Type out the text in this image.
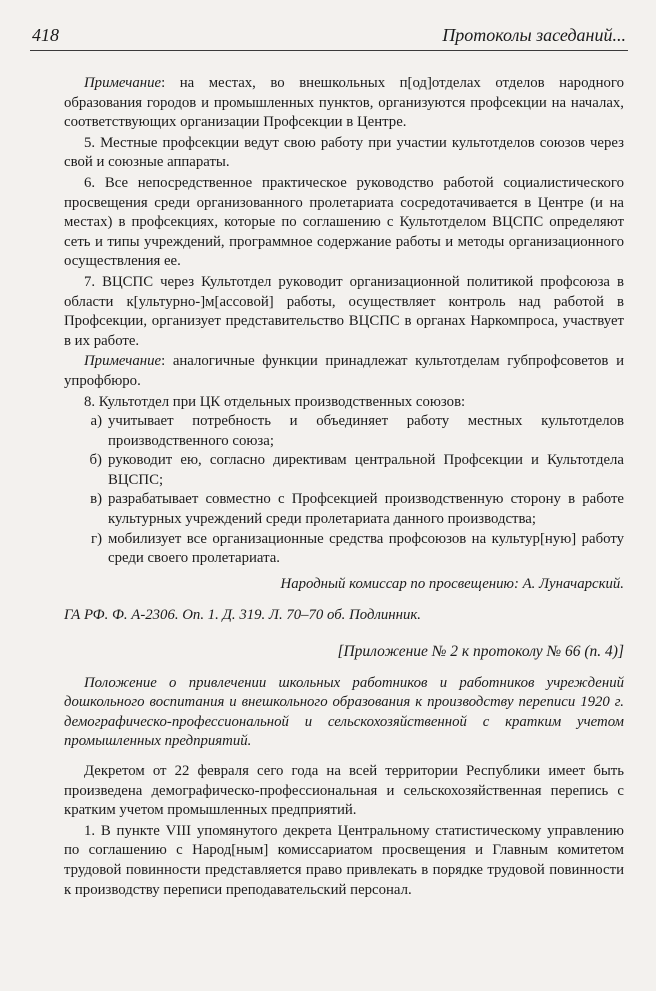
418	Протоколы заседаний...

Примечание: на местах, во внешкольных п[од]отделах отделов народного образования городов и промышленных пунктов, организуются профсекции на началах, соответствующих организации Профсекции в Центре.

5. Местные профсекции ведут свою работу при участии культотделов союзов через свой и союзные аппараты.

6. Все непосредственное практическое руководство работой социалистического просвещения среди организованного пролетариата сосредотачивается в Центре (и на местах) в профсекциях, которые по соглашению с Культотделом ВЦСПС определяют сеть и типы учреждений, программное содержание работы и методы организационного осуществления ее.

7. ВЦСПС через Культотдел руководит организационной политикой профсоюза в области к[ультурно-]м[ассовой] работы, осуществляет контроль над работой в Профсекции, организует представительство ВЦСПС в органах Наркомпроса, участвует в их работе.

Примечание: аналогичные функции принадлежат культотделам губпрофсоветов и упрофбюро.

8. Культотдел при ЦК отдельных производственных союзов:

а) учитывает потребность и объединяет работу местных культотделов производственного союза;
б) руководит ею, согласно директивам центральной Профсекции и Культотдела ВЦСПС;
в) разрабатывает совместно с Профсекцией производственную сторону в работе культурных учреждений среди пролетариата данного производства;
г) мобилизует все организационные средства профсоюзов на культур[ную] работу среди своего пролетариата.
Народный комиссар по просвещению: А. Луначарский.

ГА РФ. Ф. А-2306. Оп. 1. Д. 319. Л. 70–70 об. Подлинник.

[Приложение № 2 к протоколу № 66 (п. 4)]
Положение о привлечении школьных работников и работников учреждений дошкольного воспитания и внешкольного образования к производству переписи 1920 г. демографическо-профессиональной и сельскохозяйственной с кратким учетом промышленных предприятий.

Декретом от 22 февраля сего года на всей территории Республики имеет быть произведена демографическо-профессиональная и сельскохозяйственная перепись с кратким учетом промышленных предприятий.

1. В пункте VIII упомянутого декрета Центральному статистическому управлению по соглашению с Народ[ным] комиссариатом просвещения и Главным комитетом трудовой повинности представляется право привлекать в порядке трудовой повинности к производству переписи преподавательский персонал.
